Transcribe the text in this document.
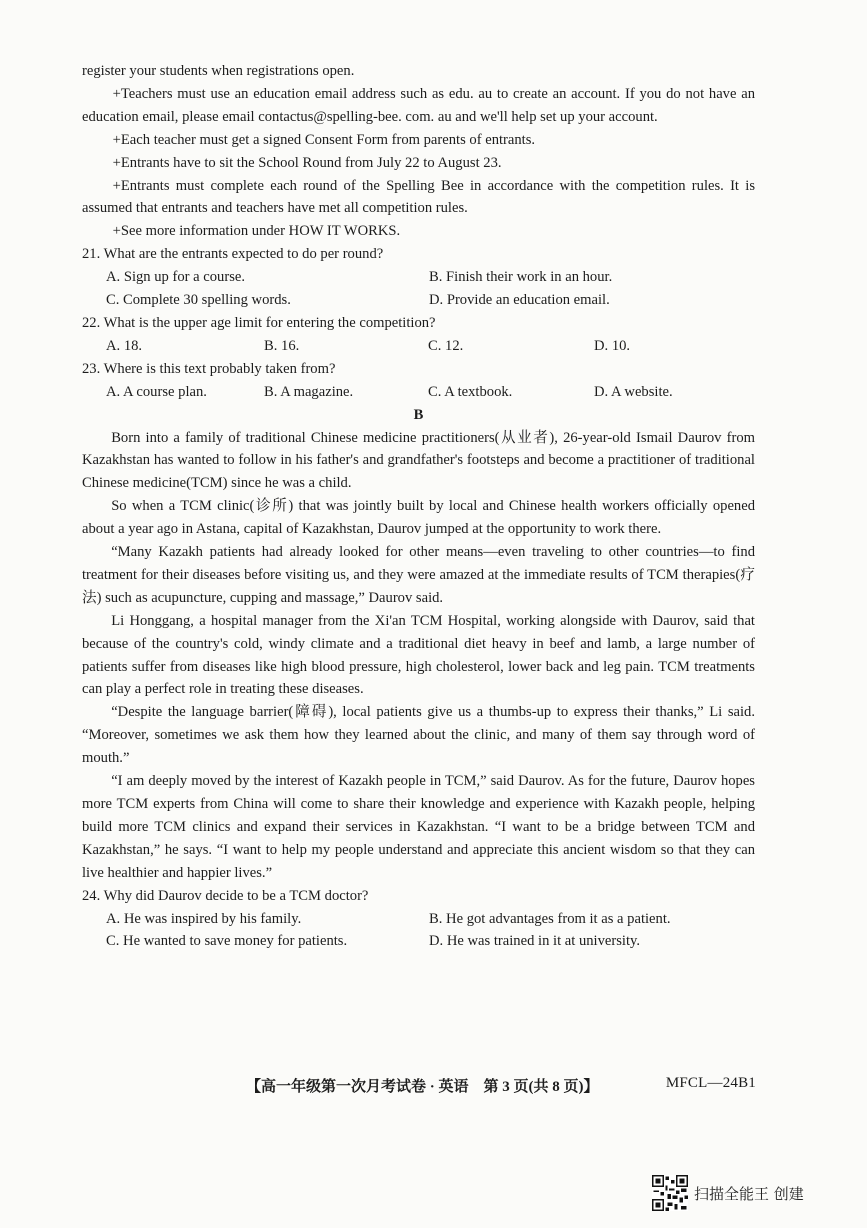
register your students when registrations open.

+Teachers must use an education email address such as edu. au to create an account. If you do not have an education email, please email contactus@spelling-bee. com. au and we'll help set up your account.

+Each teacher must get a signed Consent Form from parents of entrants.

+Entrants have to sit the School Round from July 22 to August 23.

+Entrants must complete each round of the Spelling Bee in accordance with the competition rules. It is assumed that entrants and teachers have met all competition rules.

+See more information under HOW IT WORKS.

21. What are the entrants expected to do per round?

A. Sign up for a course.	B. Finish their work in an hour.
C. Complete 30 spelling words.	D. Provide an education email.

22. What is the upper age limit for entering the competition?

A. 18.	B. 16.	C. 12.	D. 10.

23. Where is this text probably taken from?

A. A course plan.	B. A magazine.	C. A textbook.	D. A website.

B

Born into a family of traditional Chinese medicine practitioners(从业者), 26-year-old Ismail Daurov from Kazakhstan has wanted to follow in his father's and grandfather's footsteps and become a practitioner of traditional Chinese medicine(TCM) since he was a child.

So when a TCM clinic(诊所) that was jointly built by local and Chinese health workers officially opened about a year ago in Astana, capital of Kazakhstan, Daurov jumped at the opportunity to work there.

“Many Kazakh patients had already looked for other means—even traveling to other countries—to find treatment for their diseases before visiting us, and they were amazed at the immediate results of TCM therapies(疗法) such as acupuncture, cupping and massage,” Daurov said.

Li Honggang, a hospital manager from the Xi'an TCM Hospital, working alongside with Daurov, said that because of the country's cold, windy climate and a traditional diet heavy in beef and lamb, a large number of patients suffer from diseases like high blood pressure, high cholesterol, lower back and leg pain. TCM treatments can play a perfect role in treating these diseases.

“Despite the language barrier(障碍), local patients give us a thumbs-up to express their thanks,” Li said. “Moreover, sometimes we ask them how they learned about the clinic, and many of them say through word of mouth.”

“I am deeply moved by the interest of Kazakh people in TCM,” said Daurov. As for the future, Daurov hopes more TCM experts from China will come to share their knowledge and experience with Kazakh people, helping build more TCM clinics and expand their services in Kazakhstan. “I want to be a bridge between TCM and Kazakhstan,” he says. “I want to help my people understand and appreciate this ancient wisdom so that they can live healthier and happier lives.”

24. Why did Daurov decide to be a TCM doctor?

A. He was inspired by his family.	B. He got advantages from it as a patient.
C. He wanted to save money for patients.	D. He was trained in it at university.
【高一年级第一次月考试卷 · 英语　第 3 页(共 8 页)】	MFCL—24B1
扫描全能王 创建
